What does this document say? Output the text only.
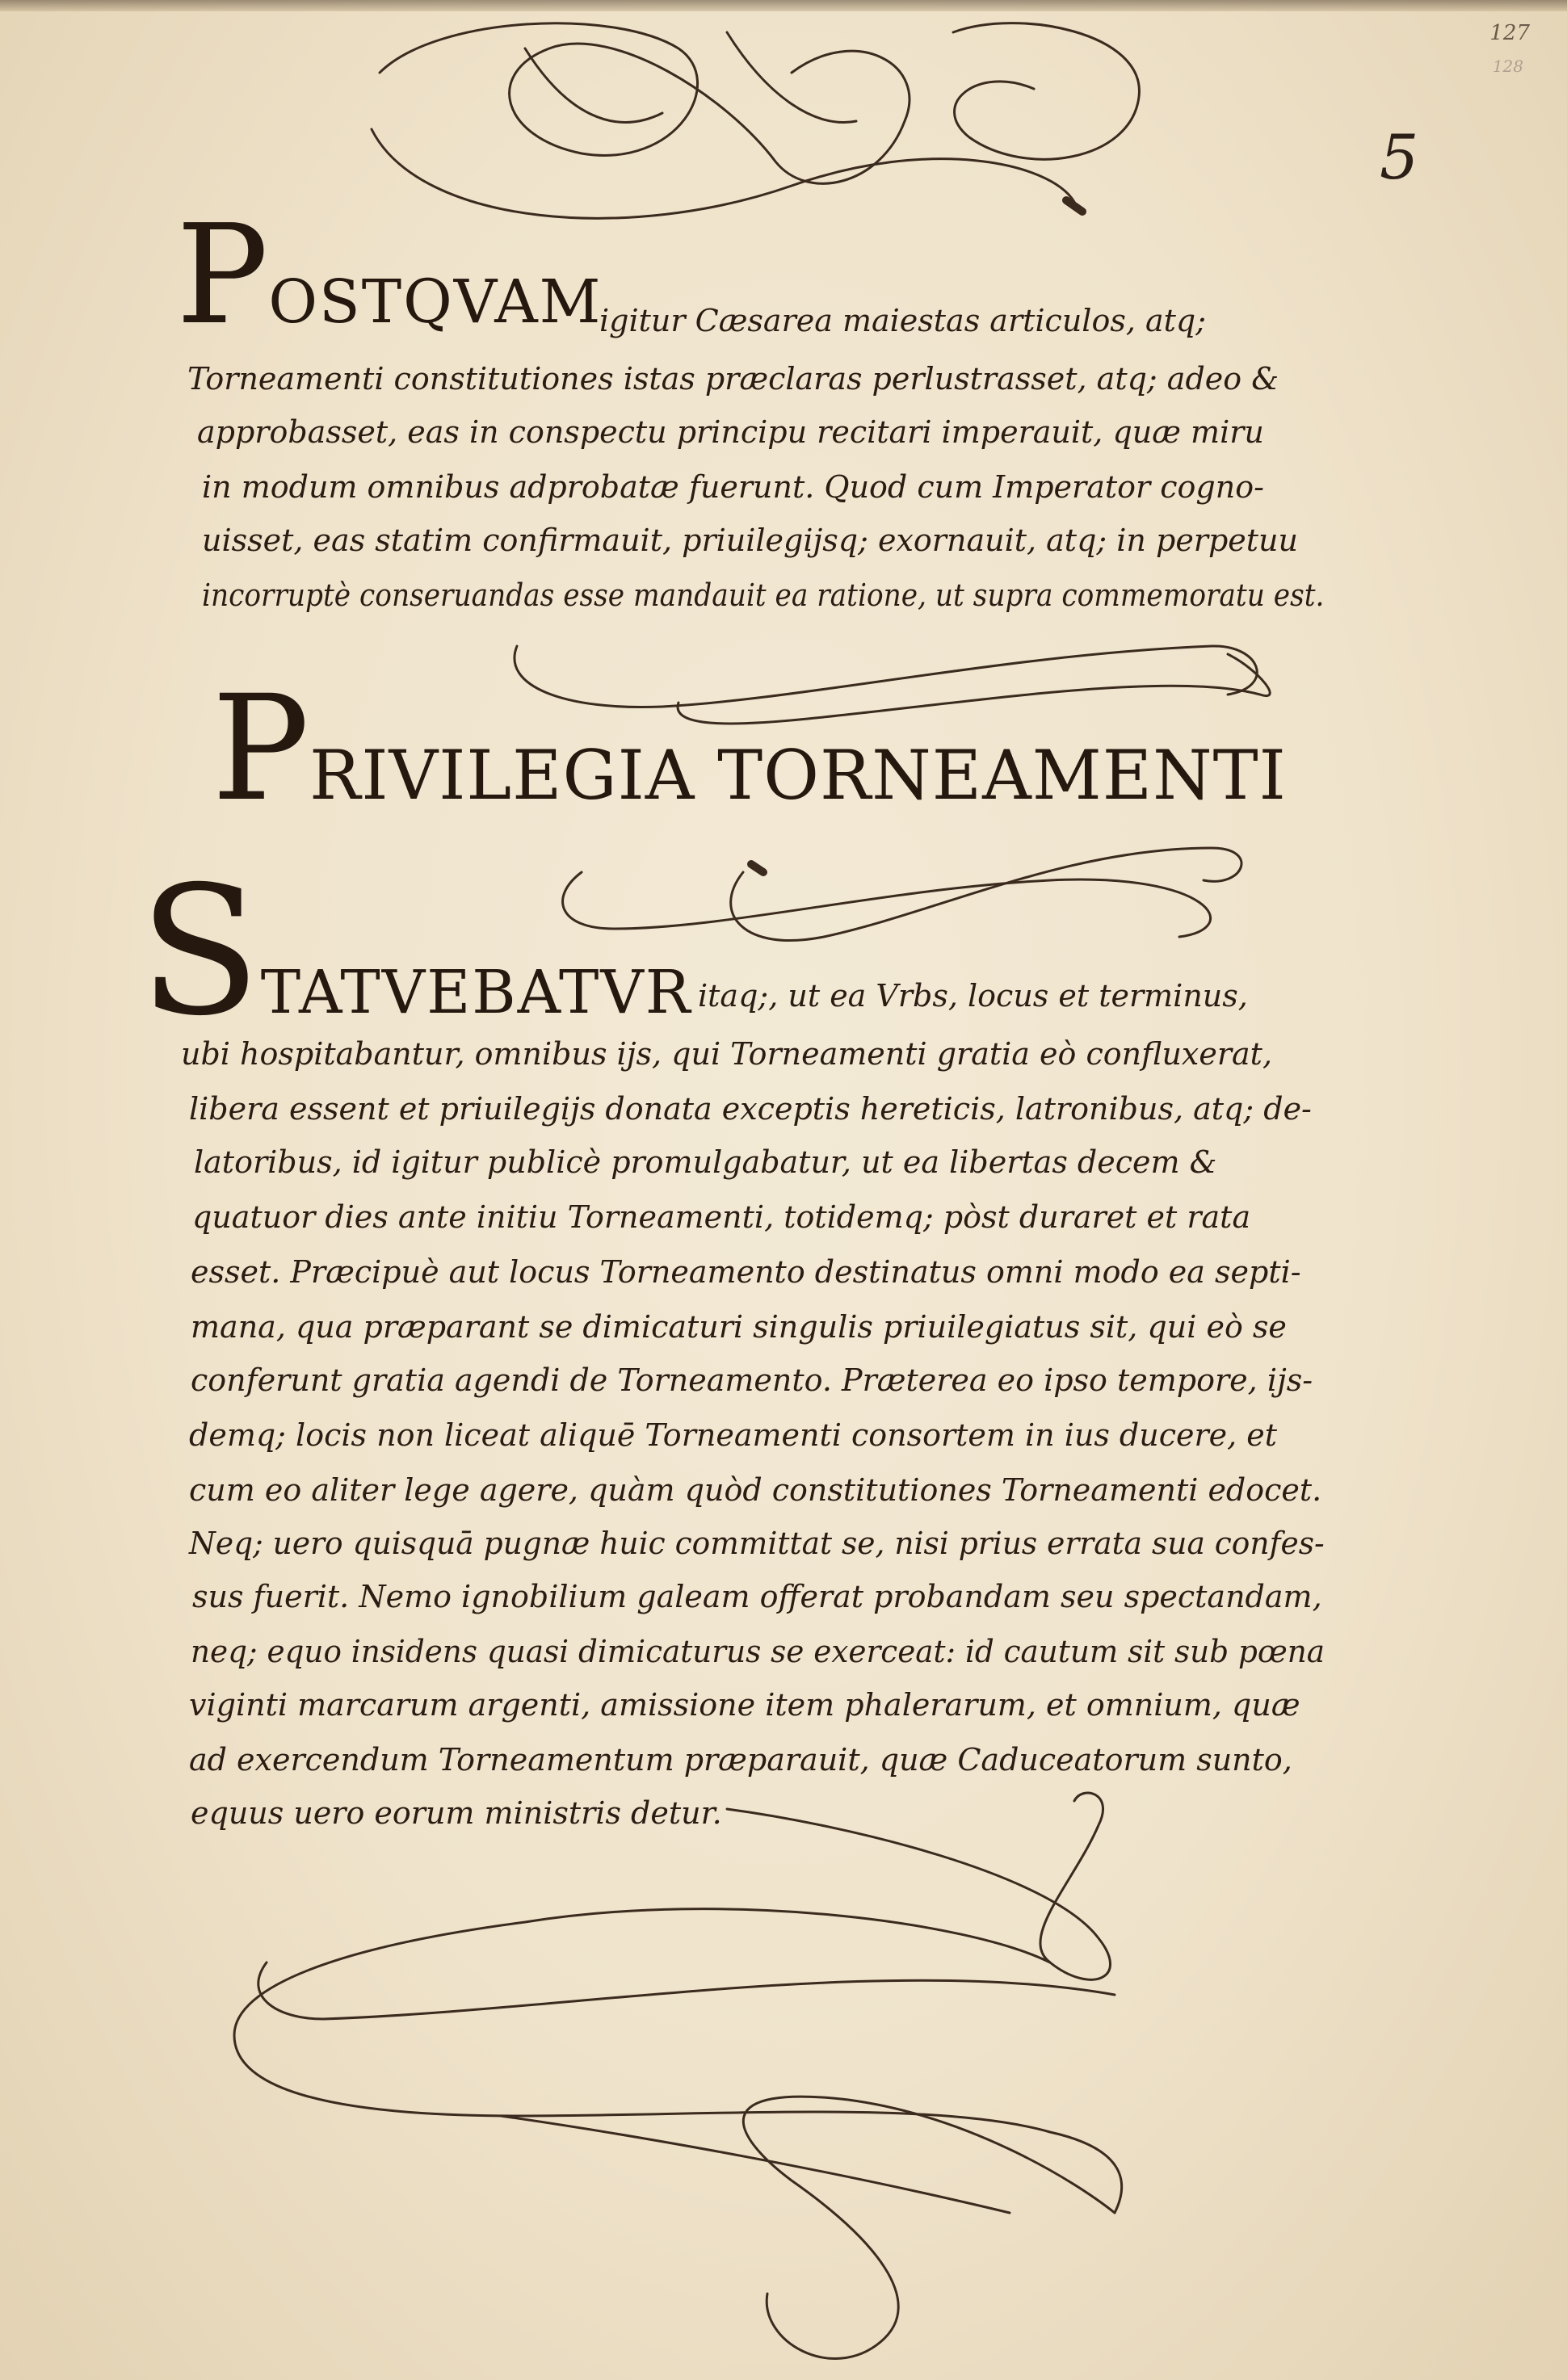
127
128
5
POSTQVAM
igitur Cæsarea maiestas articulos, atq;
Torneamenti constitutiones istas præclaras perlustrasset, atq; adeo &
approbasset, eas in conspectu principu recitari imperauit, quæ miru
in modum omnibus adprobatæ fuerunt. Quod cum Imperator cogno-
uisset, eas statim confirmauit, priuilegijsq; exornauit, atq; in perpetuu
incorruptè conseruandas esse mandauit ea ratione, ut supra commemoratu est.
PRIVILEGIA TORNEAMENTI
STATVEBATVR itaq;, ut ea Vrbs, locus et terminus,
ubi hospitabantur, omnibus ijs, qui Torneamenti gratia eò confluxerat,
libera essent et priuilegijs donata exceptis hereticis, latronibus, atq; de-
latoribus, id igitur publicè promulgabatur, ut ea libertas decem &
quatuor dies ante initiu Torneamenti, totidemq; pòst duraret et rata
esset. Præcipuè aut locus Torneamento destinatus omni modo ea septi-
mana, qua præparant se dimicaturi singulis priuilegiatus sit, qui eò se
conferunt gratia agendi de Torneamento. Præterea eo ipso tempore, ijs-
demq; locis non liceat aliquē Torneamenti consortem in ius ducere, et
cum eo aliter lege agere, quàm quòd constitutiones Torneamenti edocet.
Neq; uero quisquā pugnæ huic committat se, nisi prius errata sua confes-
sus fuerit. Nemo ignobilium galeam offerat probandam seu spectandam,
neq; equo insidens quasi dimicaturus se exerceat: id cautum sit sub pœna
viginti marcarum argenti, amissione item phalerarum, et omnium, quæ
ad exercendum Torneamentum præparauit, quæ Caduceatorum sunto,
equus uero eorum ministris detur.
